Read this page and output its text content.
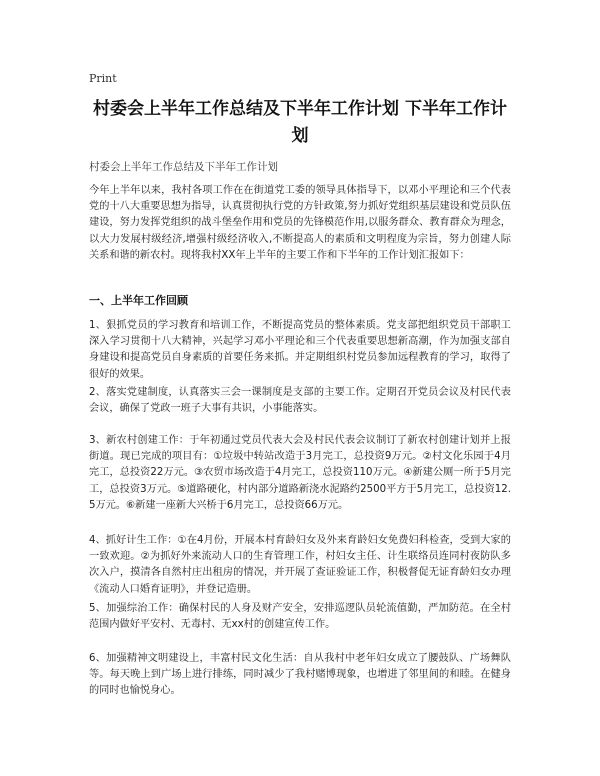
Print
村委会上半年工作总结及下半年工作计划 下半年工作计划
村委会上半年工作总结及下半年工作计划

今年上半年以来，我村各项工作在在街道党工委的领导具体指导下，以邓小平理论和三个代表党的十八大重要思想为指导，认真贯彻执行党的方针政策,努力抓好党组织基层建设和党员队伍建设，努力发挥党组织的战斗堡垒作用和党员的先锋模范作用,以服务群众、教育群众为理念，以大力发展村级经济,增强村级经济收入,不断提高人的素质和文明程度为宗旨，努力创建人际关系和谐的新农村。现将我村XX年上半年的主要工作和下半年的工作计划汇报如下：

一、上半年工作回顾

1、狠抓党员的学习教育和培训工作，不断提高党员的整体素质。党支部把组织党员干部职工深入学习贯彻十八大精神，兴起学习邓小平理论和三个代表重要思想新高潮，作为加强支部自身建设和提高党员自身素质的首要任务来抓。并定期组织村党员参加远程教育的学习，取得了很好的效果。

2、落实党建制度，认真落实三会一课制度是支部的主要工作。定期召开党员会议及村民代表会议，确保了党政一班子大事有共识，小事能落实。

3、新农村创建工作：于年初通过党员代表大会及村民代表会议制订了新农村创建计划并上报街道。现已完成的项目有：①垃圾中转站改造于3月完工，总投资9万元。②村文化乐园于4月完工，总投资22万元。③农贸市场改造于4月完工，总投资110万元。④新建公厕一所于5月完工，总投资3万元。⑤道路硬化，村内部分道路新浇水泥路约2500平方于5月完工，总投资12.5万元。⑥新建一座新大兴桥于6月完工，总投资66万元。

4、抓好计生工作：①在4月份，开展本村育龄妇女及外来育龄妇女免费妇科检查，受到大家的一致欢迎。②为抓好外来流动人口的生育管理工作，村妇女主任、计生联络员连同村夜防队多次入户，摸清各自然村庄出租房的情况，并开展了查证验证工作，积极督促无证育龄妇女办理《流动人口婚育证明》，并登记造册。

5、加强综治工作：确保村民的人身及财产安全，安排巡逻队员轮流值勤，严加防范。在全村范围内做好平安村、无毒村、无xx村的创建宣传工作。

6、加强精神文明建设上，丰富村民文化生活：自从我村中老年妇女成立了腰鼓队、广场舞队等。每天晚上到广场上进行排练，同时减少了我村赌博现象，也增进了邻里间的和睦。在健身的同时也愉悦身心。
